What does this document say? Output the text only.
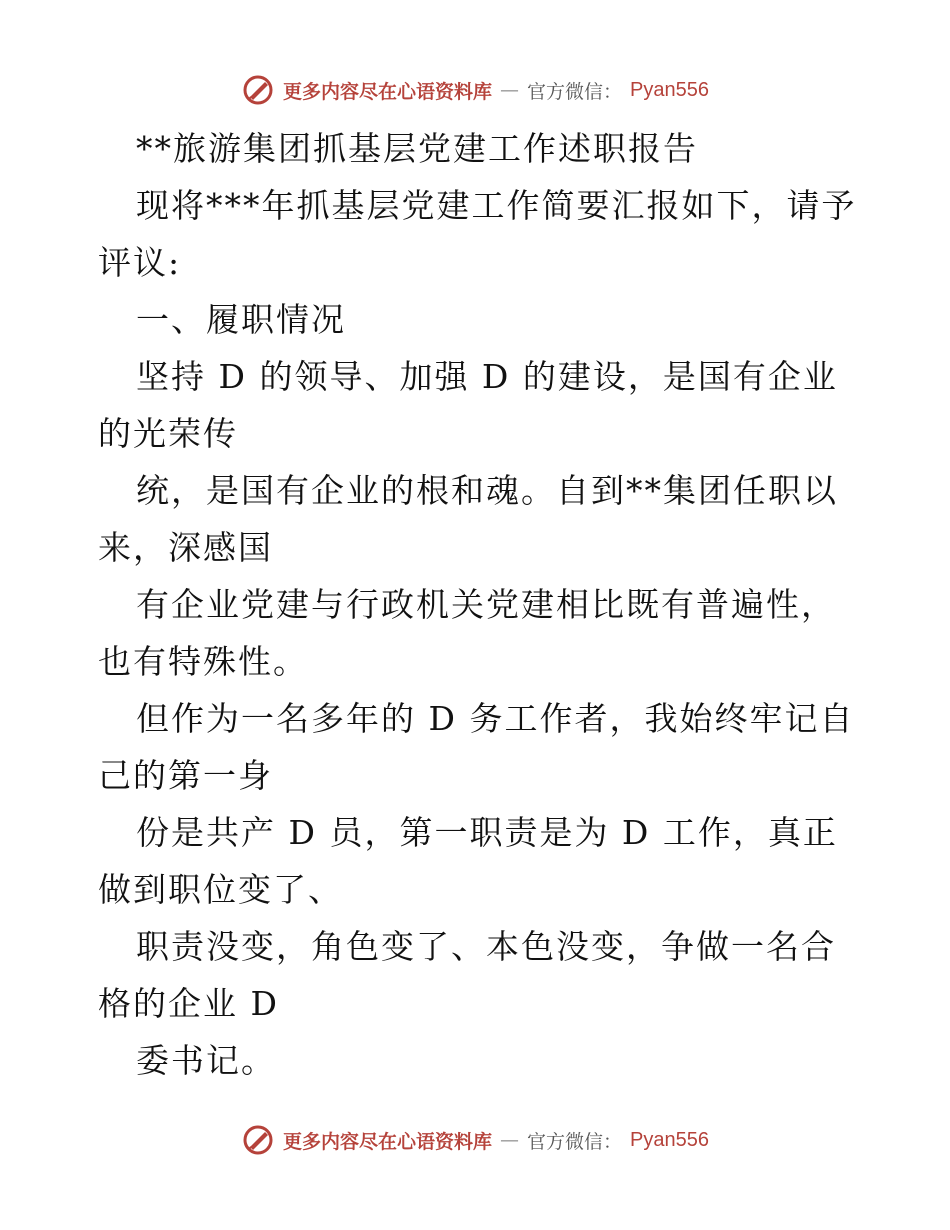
更多内容尽在心语资料库 — 官方微信： Pyan556

**旅游集团抓基层党建工作述职报告

现将***年抓基层党建工作简要汇报如下，请予评议:

一、履职情况

坚持 D 的领导、加强 D 的建设，是国有企业的光荣传

统，是国有企业的根和魂。自到**集团任职以来，深感国

有企业党建与行政机关党建相比既有普遍性，也有特殊性。

但作为一名多年的 D 务工作者，我始终牢记自己的第一身

份是共产 D 员，第一职责是为 D 工作，真正做到职位变了、

职责没变，角色变了、本色没变，争做一名合格的企业 D

委书记。

更多内容尽在心语资料库 — 官方微信： Pyan556
